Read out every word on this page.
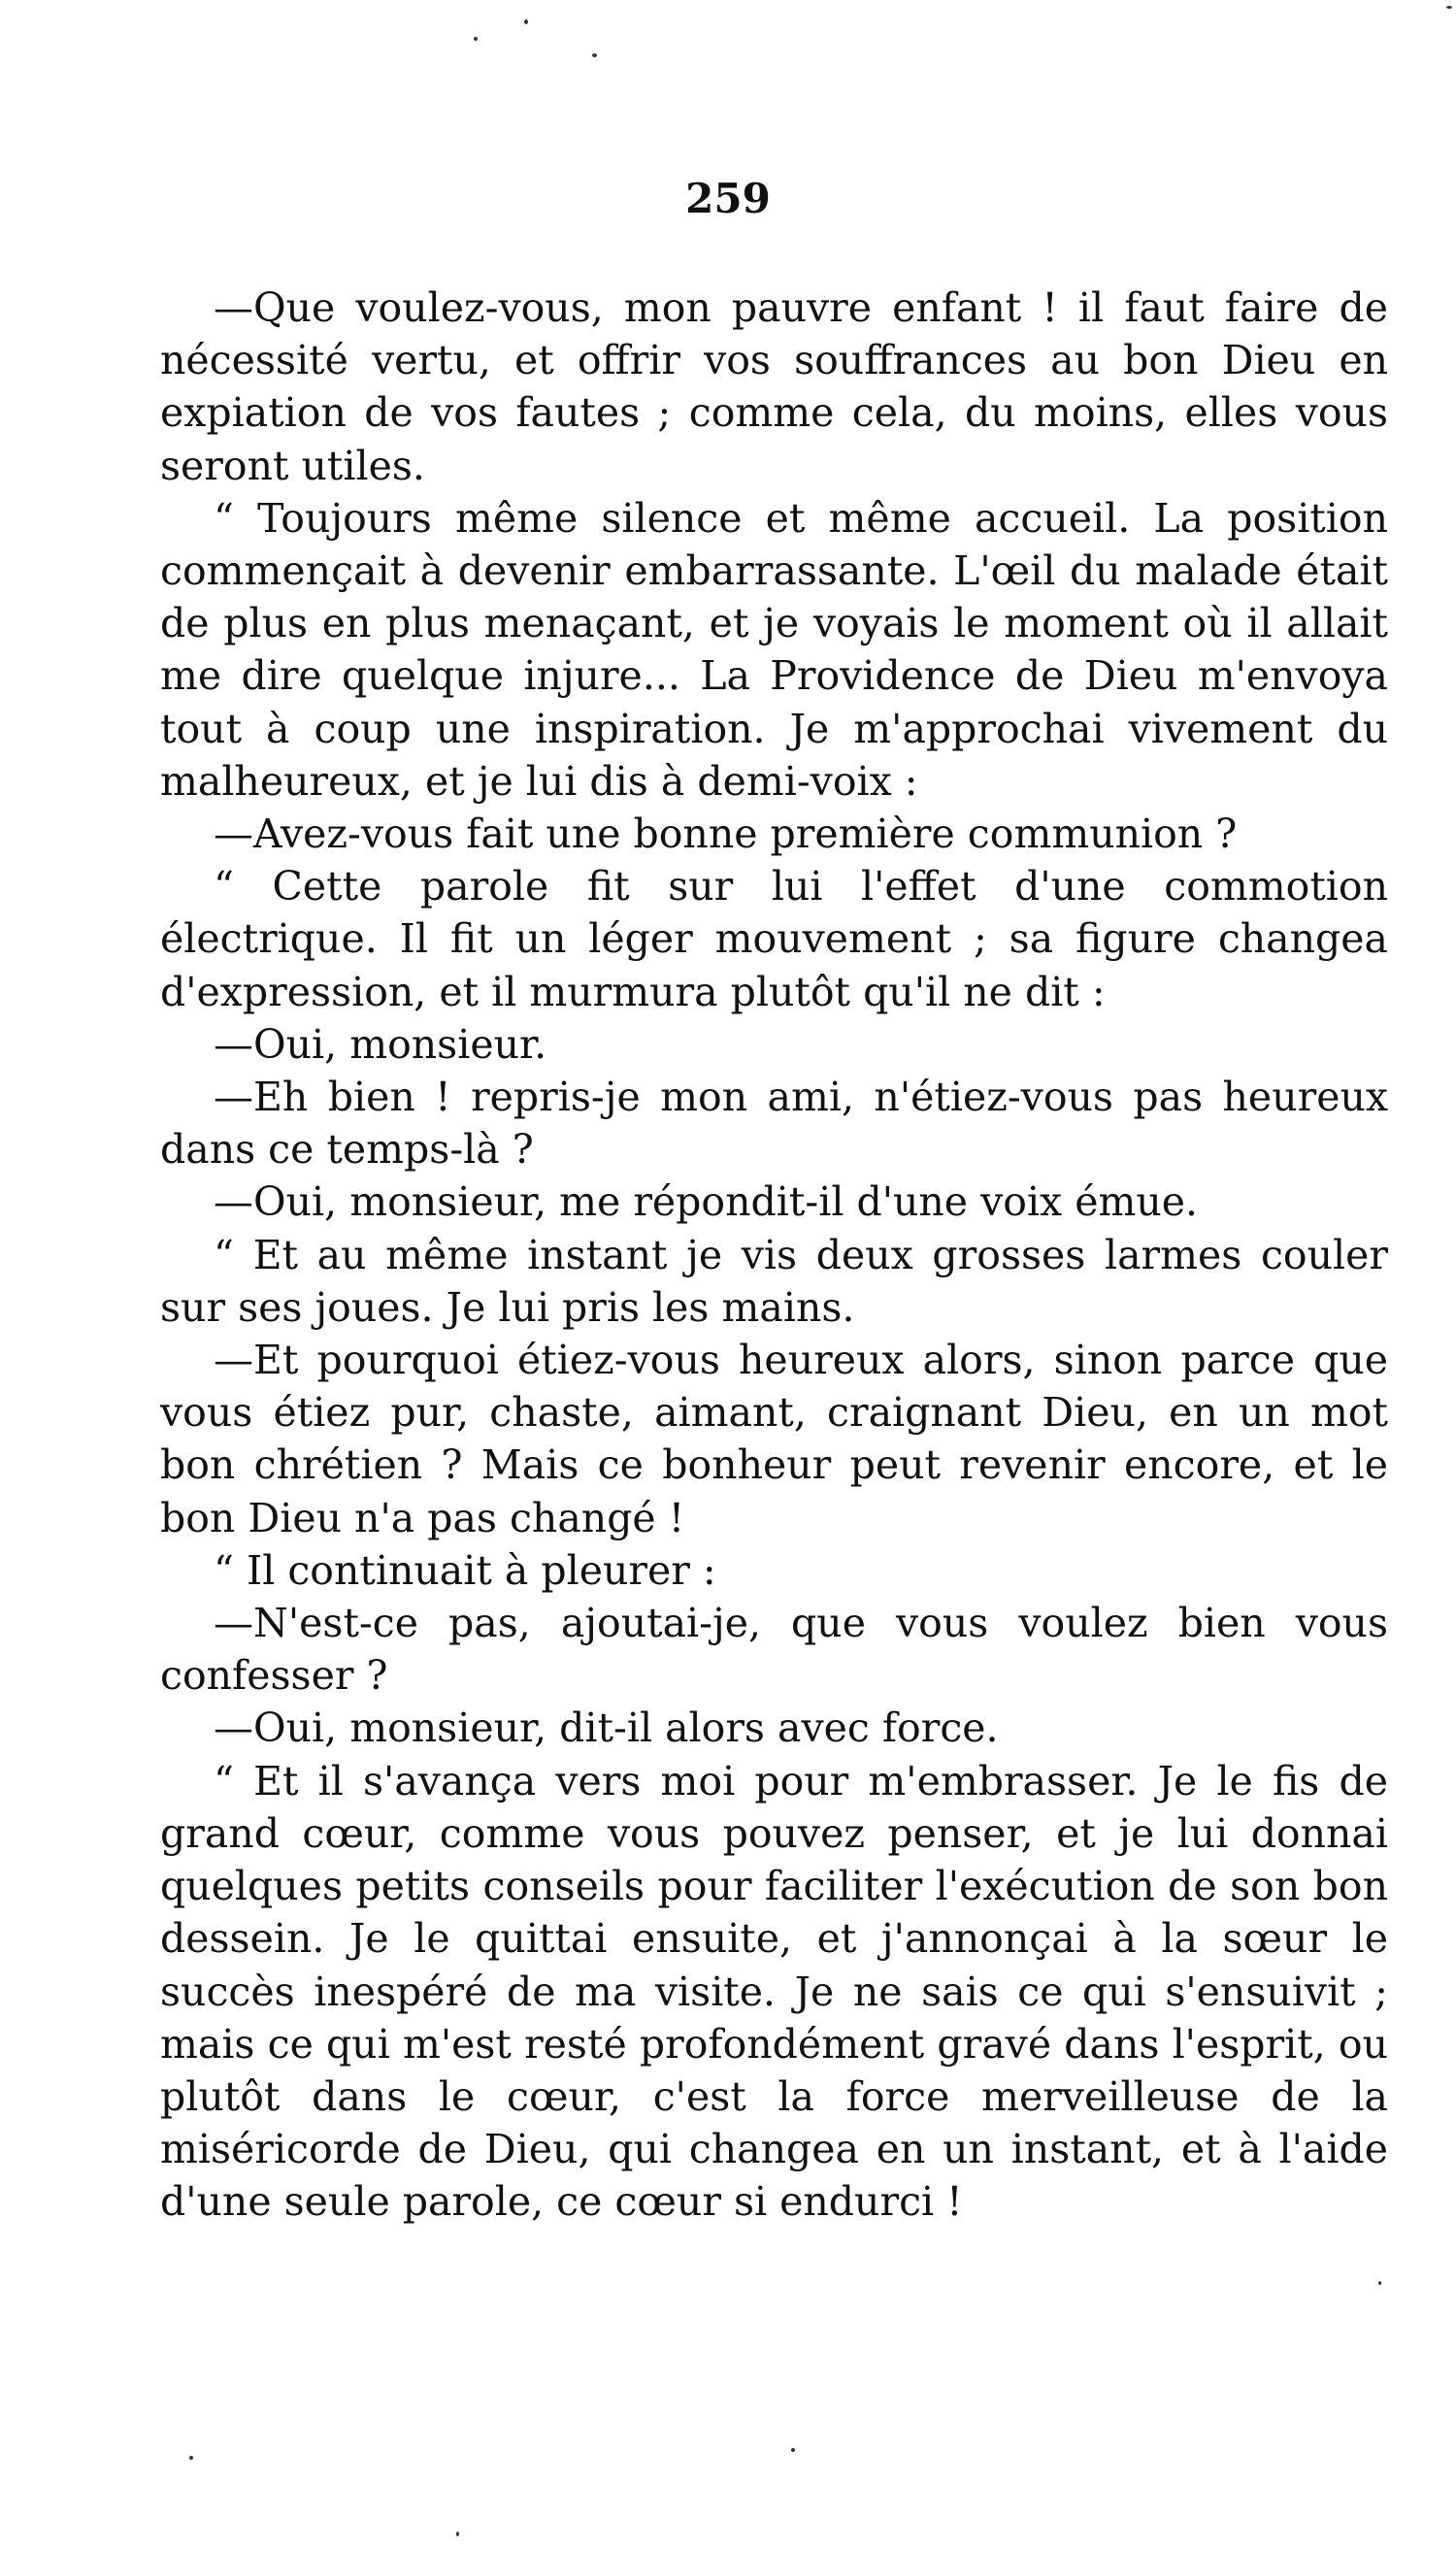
259

—Que voulez-vous, mon pauvre enfant ! il faut faire de nécessité vertu, et offrir vos souffrances au bon Dieu en expiation de vos fautes ; comme cela, du moins, elles vous seront utiles.

“ Toujours même silence et même accueil. La position commençait à devenir embarrassante. L'œil du malade était de plus en plus menaçant, et je voyais le moment où il allait me dire quelque injure... La Providence de Dieu m'envoya tout à coup une inspiration. Je m'approchai vivement du malheureux, et je lui dis à demi-voix :

—Avez-vous fait une bonne première communion ?

“ Cette parole fit sur lui l'effet d'une commotion électrique. Il fit un léger mouvement ; sa figure changea d'expression, et il murmura plutôt qu'il ne dit :

—Oui, monsieur.

—Eh bien ! repris-je mon ami, n'étiez-vous pas heureux dans ce temps-là ?

—Oui, monsieur, me répondit-il d'une voix émue.

“ Et au même instant je vis deux grosses larmes couler sur ses joues. Je lui pris les mains.

—Et pourquoi étiez-vous heureux alors, sinon parce que vous étiez pur, chaste, aimant, craignant Dieu, en un mot bon chrétien ? Mais ce bonheur peut revenir encore, et le bon Dieu n'a pas changé !

“ Il continuait à pleurer :

—N'est-ce pas, ajoutai-je, que vous voulez bien vous confesser ?

—Oui, monsieur, dit-il alors avec force.

“ Et il s'avança vers moi pour m'embrasser. Je le fis de grand cœur, comme vous pouvez penser, et je lui donnai quelques petits conseils pour faciliter l'exécution de son bon dessein. Je le quittai ensuite, et j'annonçai à la sœur le succès inespéré de ma visite. Je ne sais ce qui s'ensuivit ; mais ce qui m'est resté profondément gravé dans l'esprit, ou plutôt dans le cœur, c'est la force merveilleuse de la miséricorde de Dieu, qui changea en un instant, et à l'aide d'une seule parole, ce cœur si endurci !
